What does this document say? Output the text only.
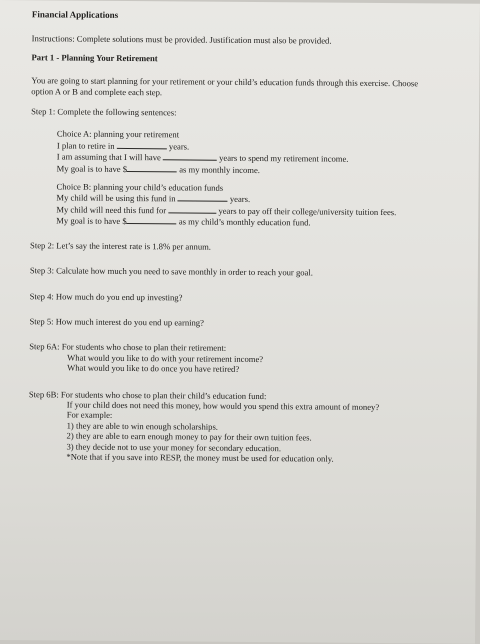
Financial Applications
Instructions: Complete solutions must be provided. Justification must also be provided.
Part 1 - Planning Your Retirement
You are going to start planning for your retirement or your child’s education funds through this exercise. Choose
option A or B and complete each step.
Step 1: Complete the following sentences:
Choice A: planning your retirement
I plan to retire in	years.
I am assuming that I will have	years to spend my retirement income.
My goal is to have $	as my monthly income.
Choice B: planning your child’s education funds
My child will be using this fund in	years.
My child will need this fund for	years to pay off their college/university tuition fees.
My goal is to have $	as my child’s monthly education fund.
Step 2: Let’s say the interest rate is 1.8% per annum.
Step 3: Calculate how much you need to save monthly in order to reach your goal.
Step 4: How much do you end up investing?
Step 5: How much interest do you end up earning?
Step 6A: For students who chose to plan their retirement:
What would you like to do with your retirement income?
What would you like to do once you have retired?
Step 6B: For students who chose to plan their child’s education fund:
If your child does not need this money, how would you spend this extra amount of money?
For example:
1) they are able to win enough scholarships.
2) they are able to earn enough money to pay for their own tuition fees.
3) they decide not to use your money for secondary education.
*Note that if you save into RESP, the money must be used for education only.
